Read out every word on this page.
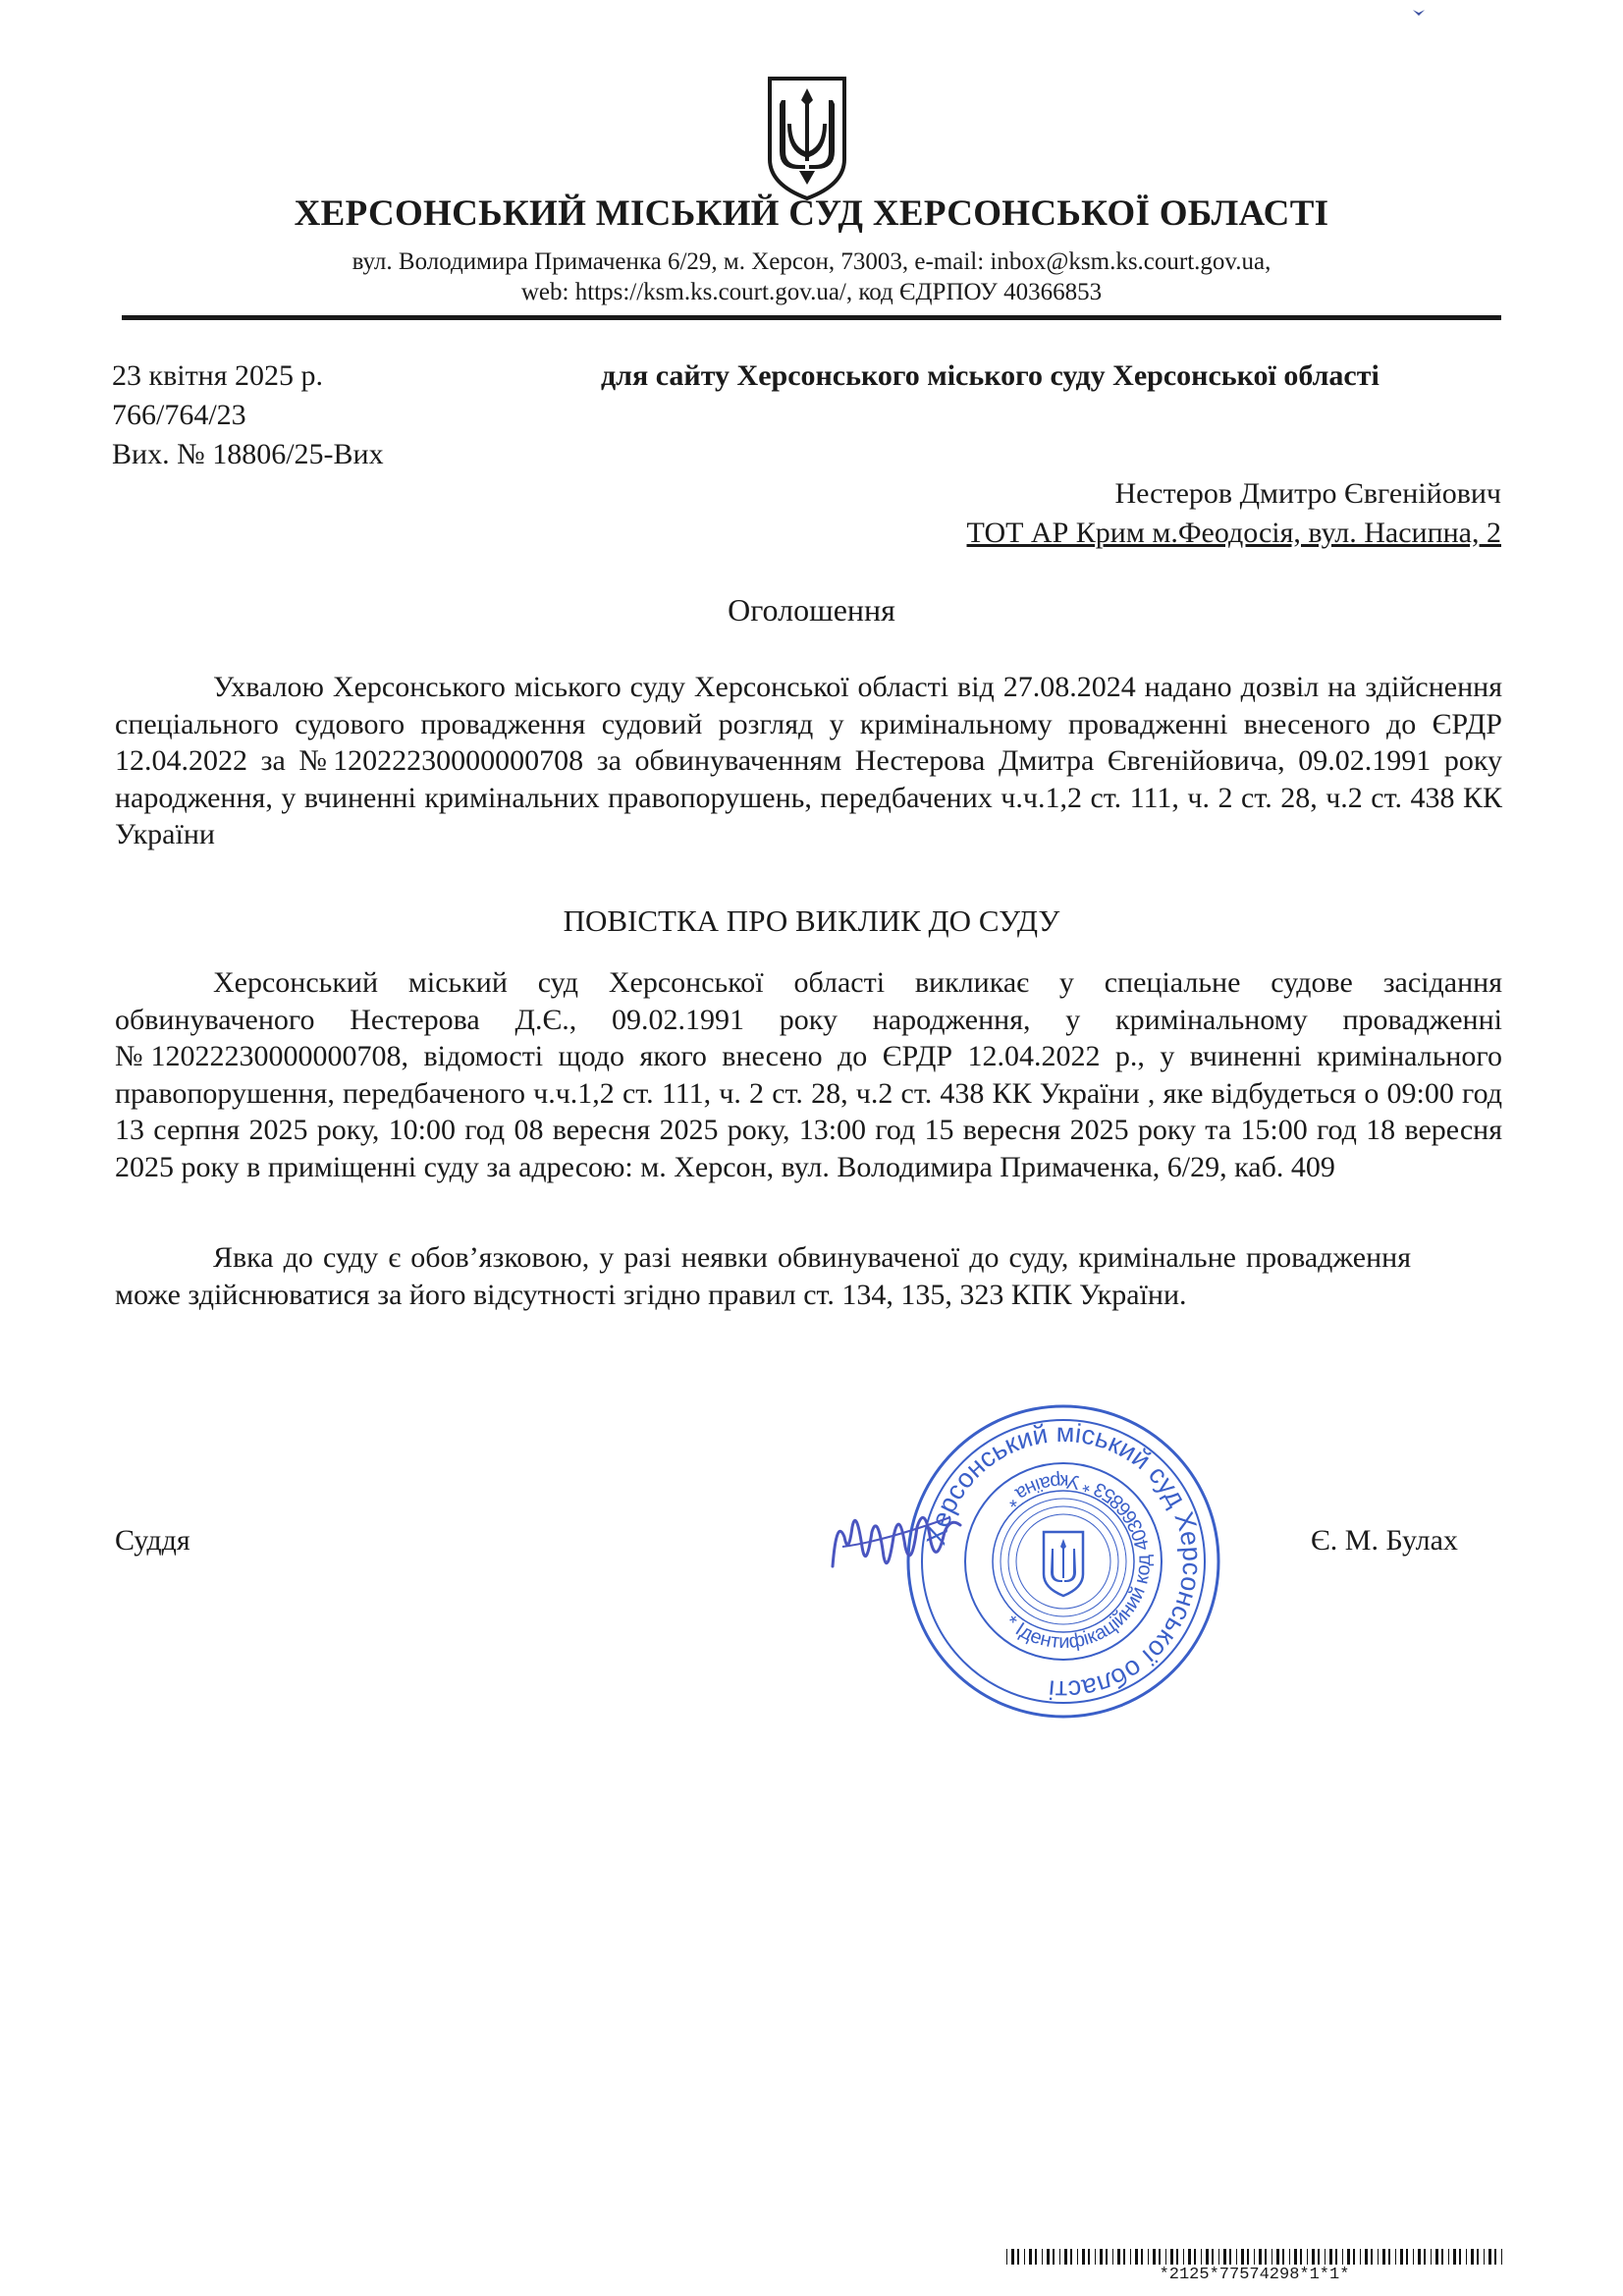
ХЕРСОНСЬКИЙ МІСЬКИЙ СУД ХЕРСОНСЬКОЇ ОБЛАСТІ
вул. Володимира Примаченка 6/29, м. Херсон, 73003, e-mail: inbox@ksm.ks.court.gov.ua,
web: https://ksm.ks.court.gov.ua/, код ЄДРПОУ 40366853
23 квітня 2025 р.
766/764/23
Вих. № 18806/25-Вих
для сайту Херсонського міського суду Херсонської області
Нестеров Дмитро Євгенійович
ТОТ АР Крим м.Феодосія, вул. Насипна, 2
Оголошення

Ухвалою Херсонського міського суду Херсонської області від 27.08.2024 надано дозвіл на здійснення спеціального судового провадження судовий розгляд у кримінальному провадженні внесеного до ЄРДР 12.04.2022 за №12022230000000708 за обвинуваченням Нестерова Дмитра Євгенійовича, 09.02.1991 року народження, у вчиненні кримінальних правопорушень, передбачених ч.ч.1,2 ст. 111, ч. 2 ст. 28, ч.2 ст. 438 КК України

ПОВІСТКА ПРО ВИКЛИК ДО СУДУ

Херсонський міський суд Херсонської області викликає у спеціальне судове засідання обвинуваченого Нестерова Д.Є., 09.02.1991 року народження, у кримінальному провадженні №12022230000000708, відомості щодо якого внесено до ЄРДР 12.04.2022 р., у вчиненні кримінального правопорушення, передбаченого ч.ч.1,2 ст. 111, ч. 2 ст. 28, ч.2 ст. 438 КК України , яке відбудеться о 09:00 год 13 серпня 2025 року, 10:00 год 08 вересня 2025 року, 13:00 год 15 вересня 2025 року та 15:00 год 18 вересня 2025 року в приміщенні суду за адресою: м. Херсон, вул. Володимира Примаченка, 6/29, каб. 409

Явка до суду є обов’язковою, у разі неявки обвинуваченої до суду, кримінальне провадження може здійснюватися за його відсутності згідно правил ст. 134, 135, 323 КПК України.

Суддя	Є. М. Булах
Херсонський міський суд Херсонської області
* Ідентифікаційний код 40366853 * Україна *
*2125*77574298*1*1*
